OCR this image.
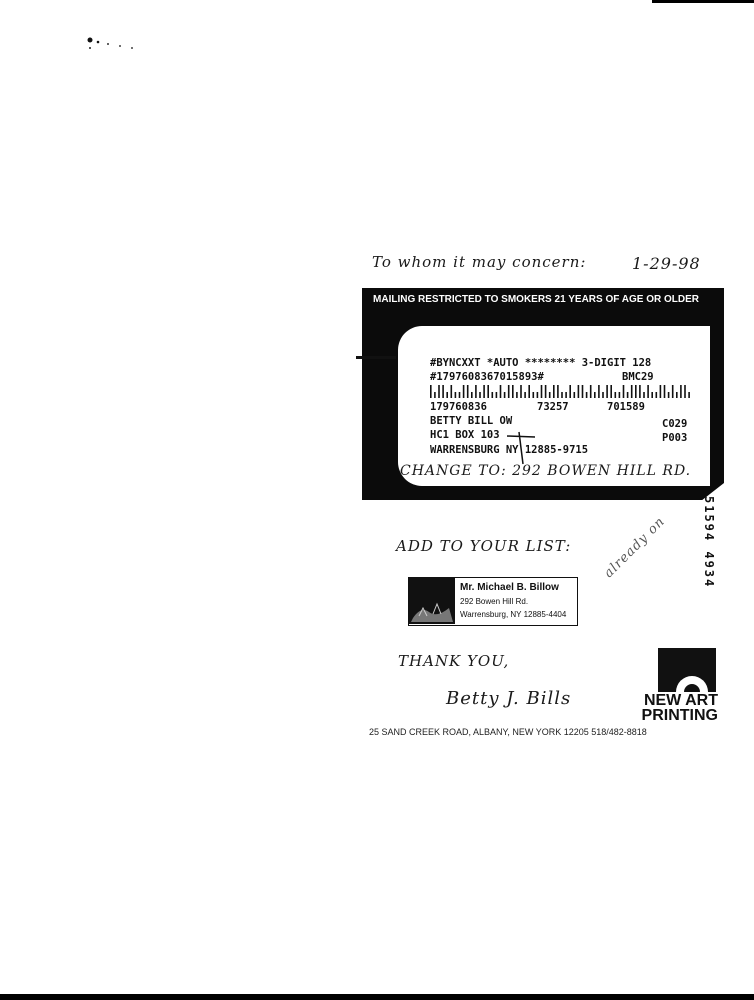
To whom it may concern:	1-29-98
MAILING RESTRICTED TO SMOKERS 21 YEARS OF AGE OR OLDER
#BYNCXXT *AUTO ******** 3-DIGIT 128
#1797608367015893#	BMC29
179760836	73257	701589
BETTY BILL OW	C029
HC1 BOX 103	P003
WARRENSBURG NY 12885-9715
CHANGE TO: 292 BOWEN HILL RD.
51594 4934
ADD TO YOUR LIST:
Mr. Michael B. Billow
292 Bowen Hill Rd.
Warrensburg, NY 12885-4404
already on
THANK YOU,
Betty J. Bills	NEW ART
PRINTING
25 SAND CREEK ROAD, ALBANY, NEW YORK 12205 518/482-8818
